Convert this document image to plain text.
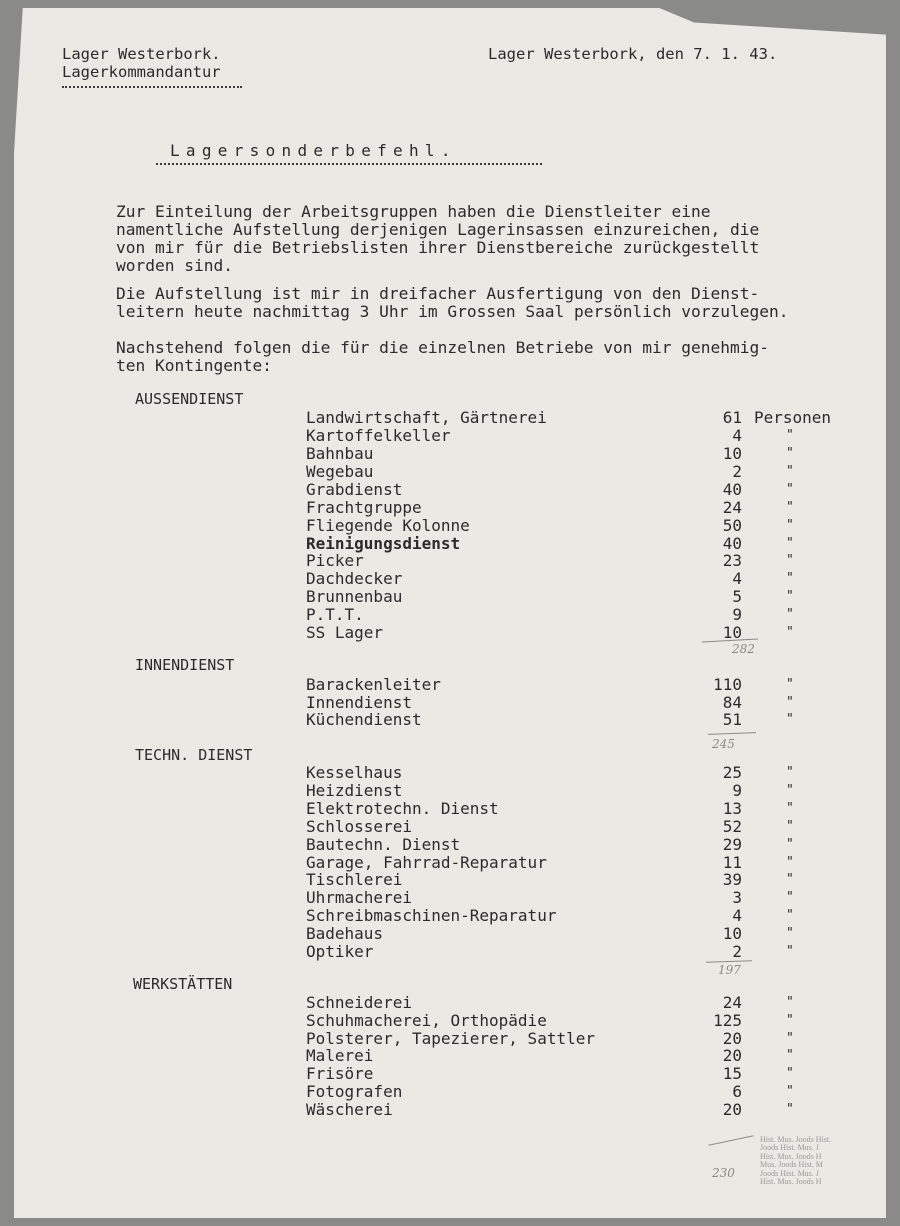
Lager Westerbork.
Lagerkommandantur
Lager Westerbork, den 7. 1. 43.
Lagersonderbefehl.
Zur Einteilung der Arbeitsgruppen haben die Dienstleiter eine
namentliche Aufstellung derjenigen Lagerinsassen einzureichen, die
von mir für die Betriebslisten ihrer Dienstbereiche zurückgestellt
worden sind.
Die Aufstellung ist mir in dreifacher Ausfertigung von den Dienst-
leitern heute nachmittag 3 Uhr im Grossen Saal persönlich vorzulegen.
Nachstehend folgen die für die einzelnen Betriebe von mir genehmig-
ten Kontingente:
AUSSENDIENST
Landwirtschaft, Gärtnerei	61 Personen
Kartoffelkeller	4	"
Bahnbau	10	"
Wegebau	2	"
Grabdienst	40	"
Frachtgruppe	24	"
Fliegende Kolonne	50	"
Reinigungsdienst	40	"
Picker	23	"
Dachdecker	4	"
Brunnenbau	5	"
P.T.T.	9	"
SS Lager	10	"
282
INNENDIENST
Barackenleiter	110	"
Innendienst	84	"
Küchendienst	51	"
245
TECHN. DIENST
Kesselhaus	25	"
Heizdienst	9	"
Elektrotechn. Dienst	13	"
Schlosserei	52	"
Bautechn. Dienst	29	"
Garage, Fahrrad-Reparatur	11	"
Tischlerei	39	"
Uhrmacherei	3	"
Schreibmaschinen-Reparatur	4	"
Badehaus	10	"
Optiker	2	"
197
WERKSTÄTTEN
Schneiderei	24	"
Schuhmacherei, Orthopädie	125	"
Polsterer, Tapezierer, Sattler	20	"
Malerei	20	"
Frisöre	15	"
Fotografen	6	"
Wäscherei	20	"
230
Hist. Mus. Joods Hist.
Joods Hist. Mus. J
Hist. Mus. Joods H
Mus. Joods Hist. M
Joods Hist. Mus. J
Hist. Mus. Joods H
